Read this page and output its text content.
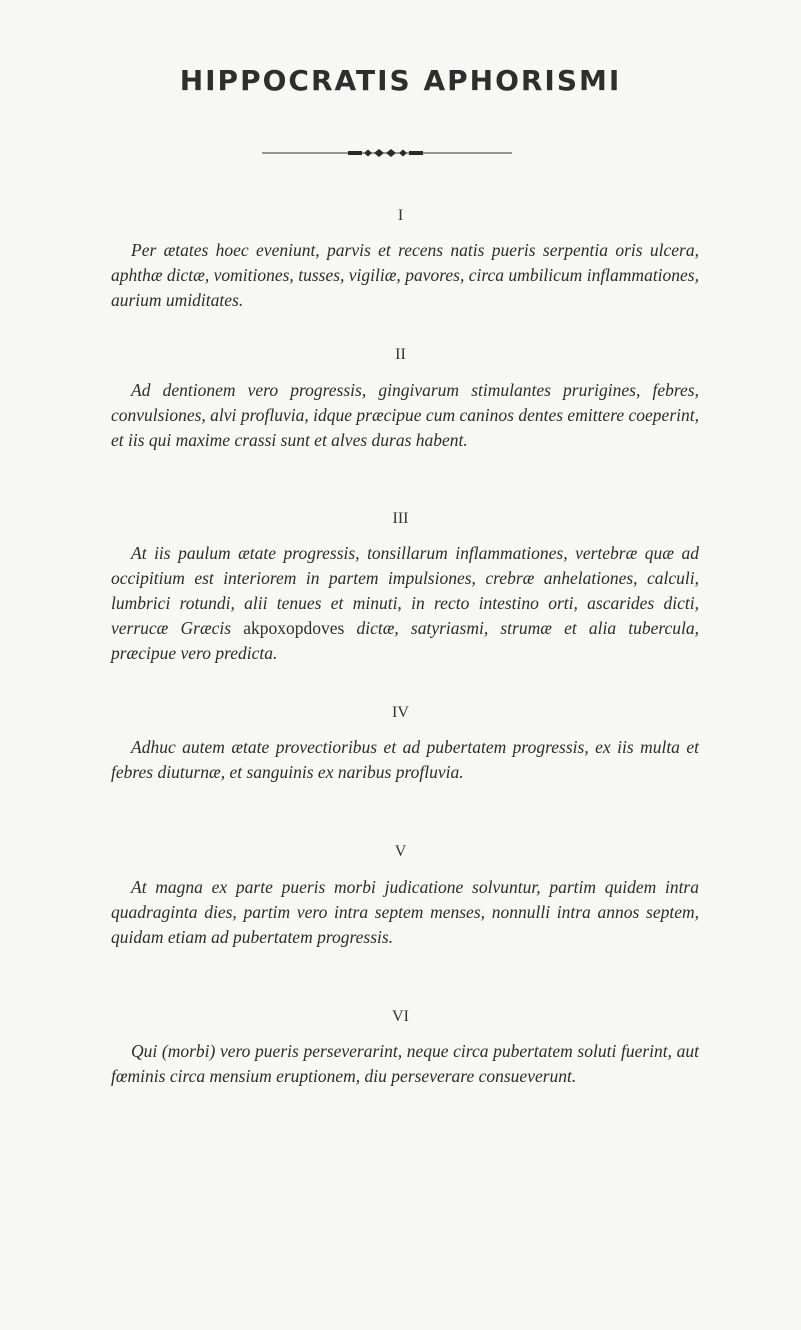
HIPPOCRATIS APHORISMI
I
Per ætates hoec eveniunt, parvis et recens natis pueris serpentia oris ulcera, aphthæ dictæ, vomitiones, tusses, vigiliæ, pavores, circa umbilicum inflammationes, aurium umiditates.
II
Ad dentionem vero progressis, gingivarum stimulantes prurigines, febres, convulsiones, alvi profluvia, idque præcipue cum caninos dentes emittere coeperint, et iis qui maxime crassi sunt et alves duras habent.
III
At iis paulum ætate progressis, tonsillarum inflammationes, vertebræ quæ ad occipitium est interiorem in partem impulsiones, crebræ anhelationes, calculi, lumbrici rotundi, alii tenues et minuti, in recto intestino orti, ascarides dicti, verrucæ Græcis akpoxopdoves dictæ, satyriasmi, strumæ et alia tubercula, præcipue vero predicta.
IV
Adhuc autem ætate provectioribus et ad pubertatem progressis, ex iis multa et febres diuturnæ, et sanguinis ex naribus profluvia.
V
At magna ex parte pueris morbi judicatione solvuntur, partim quidem intra quadraginta dies, partim vero intra septem menses, nonnulli intra annos septem, quidam etiam ad pubertatem progressis.
VI
Qui (morbi) vero pueris perseverarint, neque circa pubertatem soluti fuerint, aut fœminis circa mensium eruptionem, diu perseverare consueverunt.
